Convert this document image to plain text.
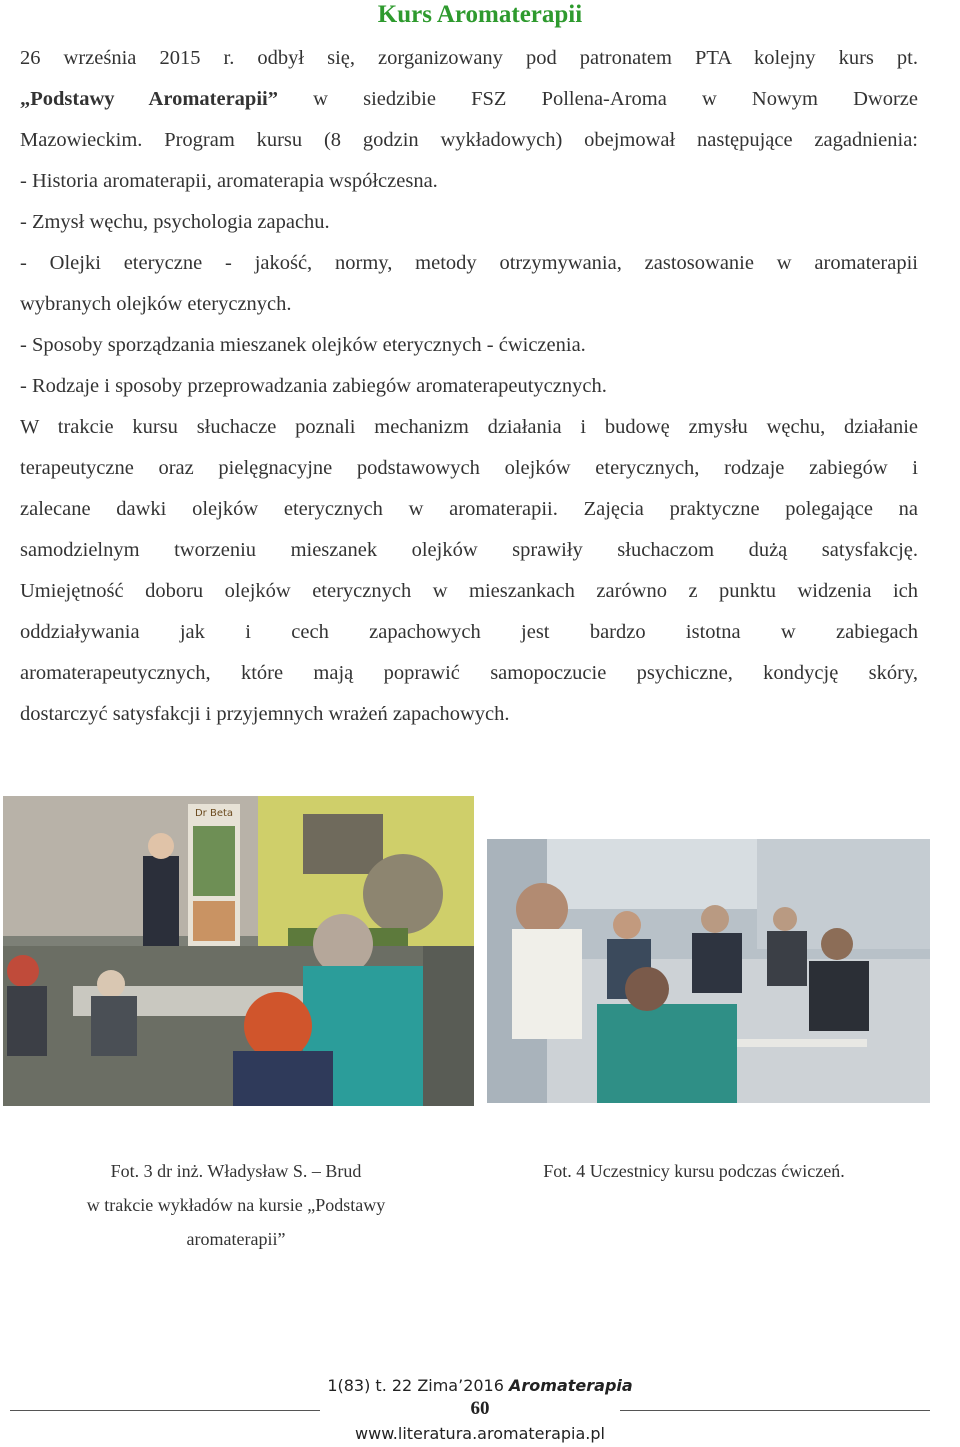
Kurs Aromaterapii
26 września 2015 r. odbył się, zorganizowany pod patronatem PTA kolejny kurs pt.
„Podstawy Aromaterapii” w siedzibie FSZ Pollena-Aroma w Nowym Dworze
Mazowieckim. Program kursu (8 godzin wykładowych) obejmował następujące zagadnienia:
- Historia aromaterapii, aromaterapia współczesna.
- Zmysł węchu, psychologia zapachu.
- Olejki eteryczne - jakość, normy, metody otrzymywania, zastosowanie w aromaterapii
wybranych olejków eterycznych.
- Sposoby sporządzania mieszanek olejków eterycznych - ćwiczenia.
- Rodzaje i sposoby przeprowadzania zabiegów aromaterapeutycznych.
W trakcie kursu słuchacze poznali mechanizm działania i budowę zmysłu węchu, działanie
terapeutyczne oraz pielęgnacyjne podstawowych olejków eterycznych, rodzaje zabiegów i
zalecane dawki olejków eterycznych w aromaterapii. Zajęcia praktyczne polegające na
samodzielnym tworzeniu mieszanek olejków sprawiły słuchaczom dużą satysfakcję.
Umiejętność doboru olejków eterycznych w mieszankach zarówno z punktu widzenia ich
oddziaływania jak i cech zapachowych jest bardzo istotna w zabiegach
aromaterapeutycznych, które mają poprawić samopoczucie psychiczne, kondycję skóry,
dostarczyć satysfakcji i przyjemnych wrażeń zapachowych.
Dr Beta
Fot. 3 dr inż. Władysław S. – Brud
w trakcie wykładów na kursie „Podstawy
aromaterapii”
Fot. 4 Uczestnicy kursu podczas ćwiczeń.
1(83) t. 22 Zima’2016 Aromaterapia
60
www.literatura.aromaterapia.pl
